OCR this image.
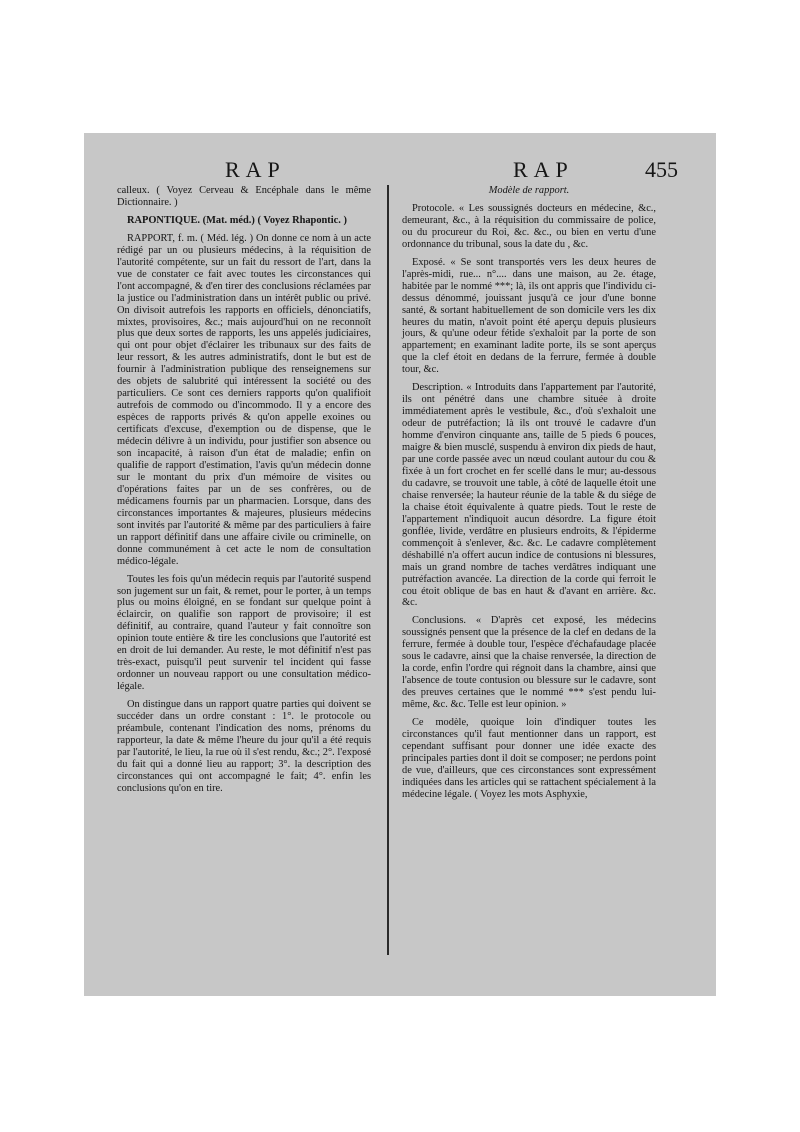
RAP	RAP	455

calleux. ( Voyez Cerveau & Encéphale dans le même Dictionnaire. )

RAPONTIQUE. (Mat. méd.) ( Voyez Rhapontic. )

RAPPORT, f. m. ( Méd. lég. ) On donne ce nom à un acte rédigé par un ou plusieurs médecins, à la réquisition de l'autorité compétente, sur un fait du ressort de l'art, dans la vue de constater ce fait avec toutes les circonstances qui l'ont accompagné, & d'en tirer des conclusions réclamées par la justice ou l'administration dans un intérêt public ou privé. On divisoit autrefois les rapports en officiels, dénonciatifs, mixtes, provisoires, &c.; mais aujourd'hui on ne reconnoît plus que deux sortes de rapports, les uns appelés judiciaires, qui ont pour objet d'éclairer les tribunaux sur des faits de leur ressort, & les autres administratifs, dont le but est de fournir à l'administration publique des renseignemens sur des objets de salubrité qui intéressent la société ou des particuliers. Ce sont ces derniers rapports qu'on qualifioit autrefois de commodo ou d'incommodo. Il y a encore des espèces de rapports privés & qu'on appelle exoines ou certificats d'excuse, d'exemption ou de dispense, que le médecin délivre à un individu, pour justifier son absence ou son incapacité, à raison d'un état de maladie; enfin on qualifie de rapport d'estimation, l'avis qu'un médecin donne sur le montant du prix d'un mémoire de visites ou d'opérations faites par un de ses confrères, ou de médicamens fournis par un pharmacien. Lorsque, dans des circonstances importantes & majeures, plusieurs médecins sont invités par l'autorité & même par des particuliers à faire un rapport définitif dans une affaire civile ou criminelle, on donne communément à cet acte le nom de consultation médico-légale.

Toutes les fois qu'un médecin requis par l'autorité suspend son jugement sur un fait, & remet, pour le porter, à un temps plus ou moins éloigné, en se fondant sur quelque point à éclaircir, on qualifie son rapport de provisoire; il est définitif, au contraire, quand l'auteur y fait connoître son opinion toute entière & tire les conclusions que l'autorité est en droit de lui demander. Au reste, le mot définitif n'est pas très-exact, puisqu'il peut survenir tel incident qui fasse ordonner un nouveau rapport ou une consultation médico-légale.

On distingue dans un rapport quatre parties qui doivent se succéder dans un ordre constant : 1°. le protocole ou préambule, contenant l'indication des noms, prénoms du rapporteur, la date & même l'heure du jour qu'il a été requis par l'autorité, le lieu, la rue où il s'est rendu, &c.; 2°. l'exposé du fait qui a donné lieu au rapport; 3°. la description des circonstances qui ont accompagné le fait; 4°. enfin les conclusions qu'on en tire.

Modèle de rapport.

Protocole. « Les soussignés docteurs en médecine, &c., demeurant, &c., à la réquisition du commissaire de police, ou du procureur du Roi, &c. &c., ou bien en vertu d'une ordonnance du tribunal, sous la date du , &c.

Exposé. « Se sont transportés vers les deux heures de l'après-midi, rue... n°.... dans une maison, au 2e. étage, habitée par le nommé ***; là, ils ont appris que l'individu ci-dessus dénommé, jouissant jusqu'à ce jour d'une bonne santé, & sortant habituellement de son domicile vers les dix heures du matin, n'avoit point été aperçu depuis plusieurs jours, & qu'une odeur fétide s'exhaloit par la porte de son appartement; en examinant ladite porte, ils se sont aperçus que la clef étoit en dedans de la ferrure, fermée à double tour, &c.

Description. « Introduits dans l'appartement par l'autorité, ils ont pénétré dans une chambre située à droite immédiatement après le vestibule, &c., d'où s'exhaloit une odeur de putréfaction; là ils ont trouvé le cadavre d'un homme d'environ cinquante ans, taille de 5 pieds 6 pouces, maigre & bien musclé, suspendu à environ dix pieds de haut, par une corde passée avec un nœud coulant autour du cou & fixée à un fort crochet en fer scellé dans le mur; au-dessous du cadavre, se trouvoit une table, à côté de laquelle étoit une chaise renversée; la hauteur réunie de la table & du siége de la chaise étoit équivalente à quatre pieds. Tout le reste de l'appartement n'indiquoit aucun désordre. La figure étoit gonflée, livide, verdâtre en plusieurs endroits, & l'épiderme commençoit à s'enlever, &c. &c. Le cadavre complètement déshabillé n'a offert aucun indice de contusions ni blessures, mais un grand nombre de taches verdâtres indiquant une putréfaction avancée. La direction de la corde qui ferroit le cou étoit oblique de bas en haut & d'avant en arrière. &c. &c.

Conclusions. « D'après cet exposé, les médecins soussignés pensent que la présence de la clef en dedans de la ferrure, fermée à double tour, l'espèce d'échafaudage placée sous le cadavre, ainsi que la chaise renversée, la direction de la corde, enfin l'ordre qui régnoit dans la chambre, ainsi que l'absence de toute contusion ou blessure sur le cadavre, sont des preuves certaines que le nommé *** s'est pendu lui-même, &c. &c. Telle est leur opinion. »

Ce modèle, quoique loin d'indiquer toutes les circonstances qu'il faut mentionner dans un rapport, est cependant suffisant pour donner une idée exacte des principales parties dont il doit se composer; ne perdons point de vue, d'ailleurs, que ces circonstances sont expressément indiquées dans les articles qui se rattachent spécialement à la médecine légale. ( Voyez les mots Asphyxie,
